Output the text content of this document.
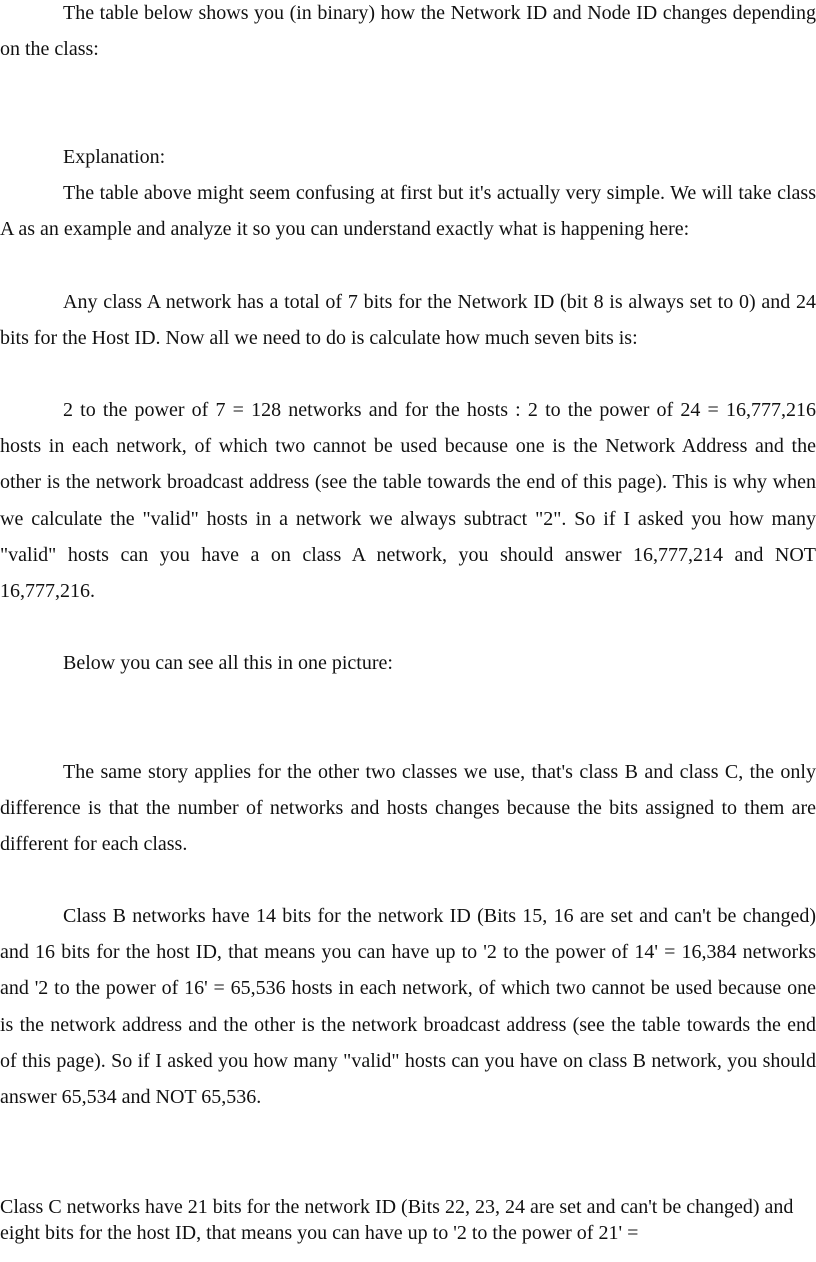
The table below shows you (in binary) how the Network ID and Node ID changes depending on the class:

Explanation:

The table above might seem confusing at first but it's actually very simple. We will take class A as an example and analyze it so you can understand exactly what is happening here:

Any class A network has a total of 7 bits for the Network ID (bit 8 is always set to 0) and 24 bits for the Host ID. Now all we need to do is calculate how much seven bits is:

2 to the power of 7 = 128 networks and for the hosts : 2 to the power of 24 = 16,777,216 hosts in each network, of which two cannot be used because one is the Network Address and the other is the network broadcast address (see the table towards the end of this page). This is why when we calculate the "valid" hosts in a network we always subtract "2". So if I asked you how many "valid" hosts can you have a on class A network, you should answer 16,777,214 and NOT 16,777,216.

Below you can see all this in one picture:

The same story applies for the other two classes we use, that's class B and class C, the only difference is that the number of networks and hosts changes because the bits assigned to them are different for each class.

Class B networks have 14 bits for the network ID (Bits 15, 16 are set and can't be changed) and 16 bits for the host ID, that means you can have up to '2 to the power of 14' = 16,384 networks and '2 to the power of 16' = 65,536 hosts in each network, of which two cannot be used because one is the network address and the other is the network broadcast address (see the table towards the end of this page). So if I asked you how many "valid" hosts can you have on class B network, you should answer 65,534 and NOT 65,536.

Class C networks have 21 bits for the network ID (Bits 22, 23, 24 are set and can't be changed) and eight bits for the host ID, that means you can have up to '2 to the power of 21' =
